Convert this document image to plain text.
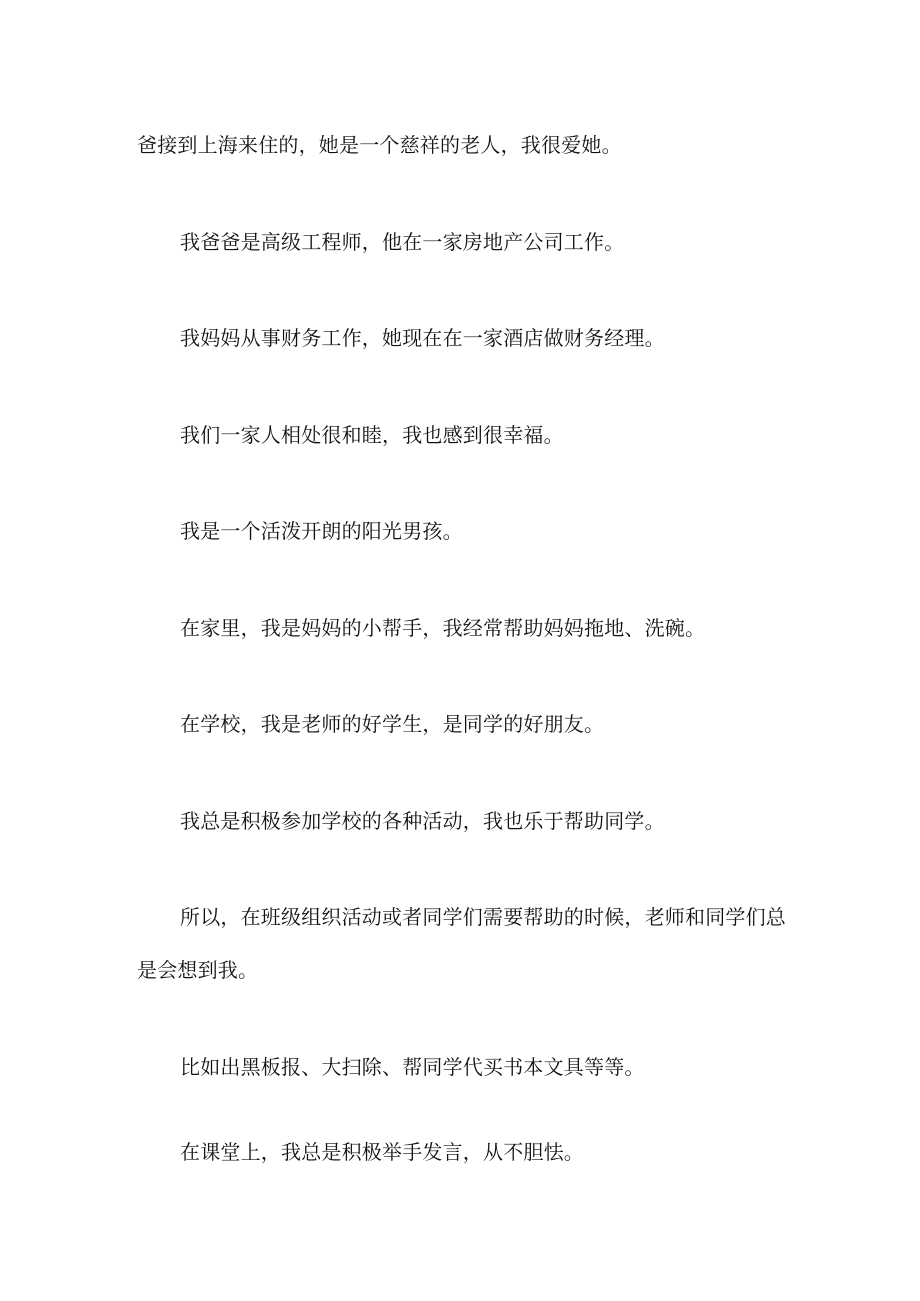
爸接到上海来住的，她是一个慈祥的老人，我很爱她。

我爸爸是高级工程师，他在一家房地产公司工作。

我妈妈从事财务工作，她现在在一家酒店做财务经理。

我们一家人相处很和睦，我也感到很幸福。

我是一个活泼开朗的阳光男孩。

在家里，我是妈妈的小帮手，我经常帮助妈妈拖地、洗碗。

在学校，我是老师的好学生，是同学的好朋友。

我总是积极参加学校的各种活动，我也乐于帮助同学。

所以，在班级组织活动或者同学们需要帮助的时候，老师和同学们总

是会想到我。

比如出黑板报、大扫除、帮同学代买书本文具等等。

在课堂上，我总是积极举手发言，从不胆怯。
